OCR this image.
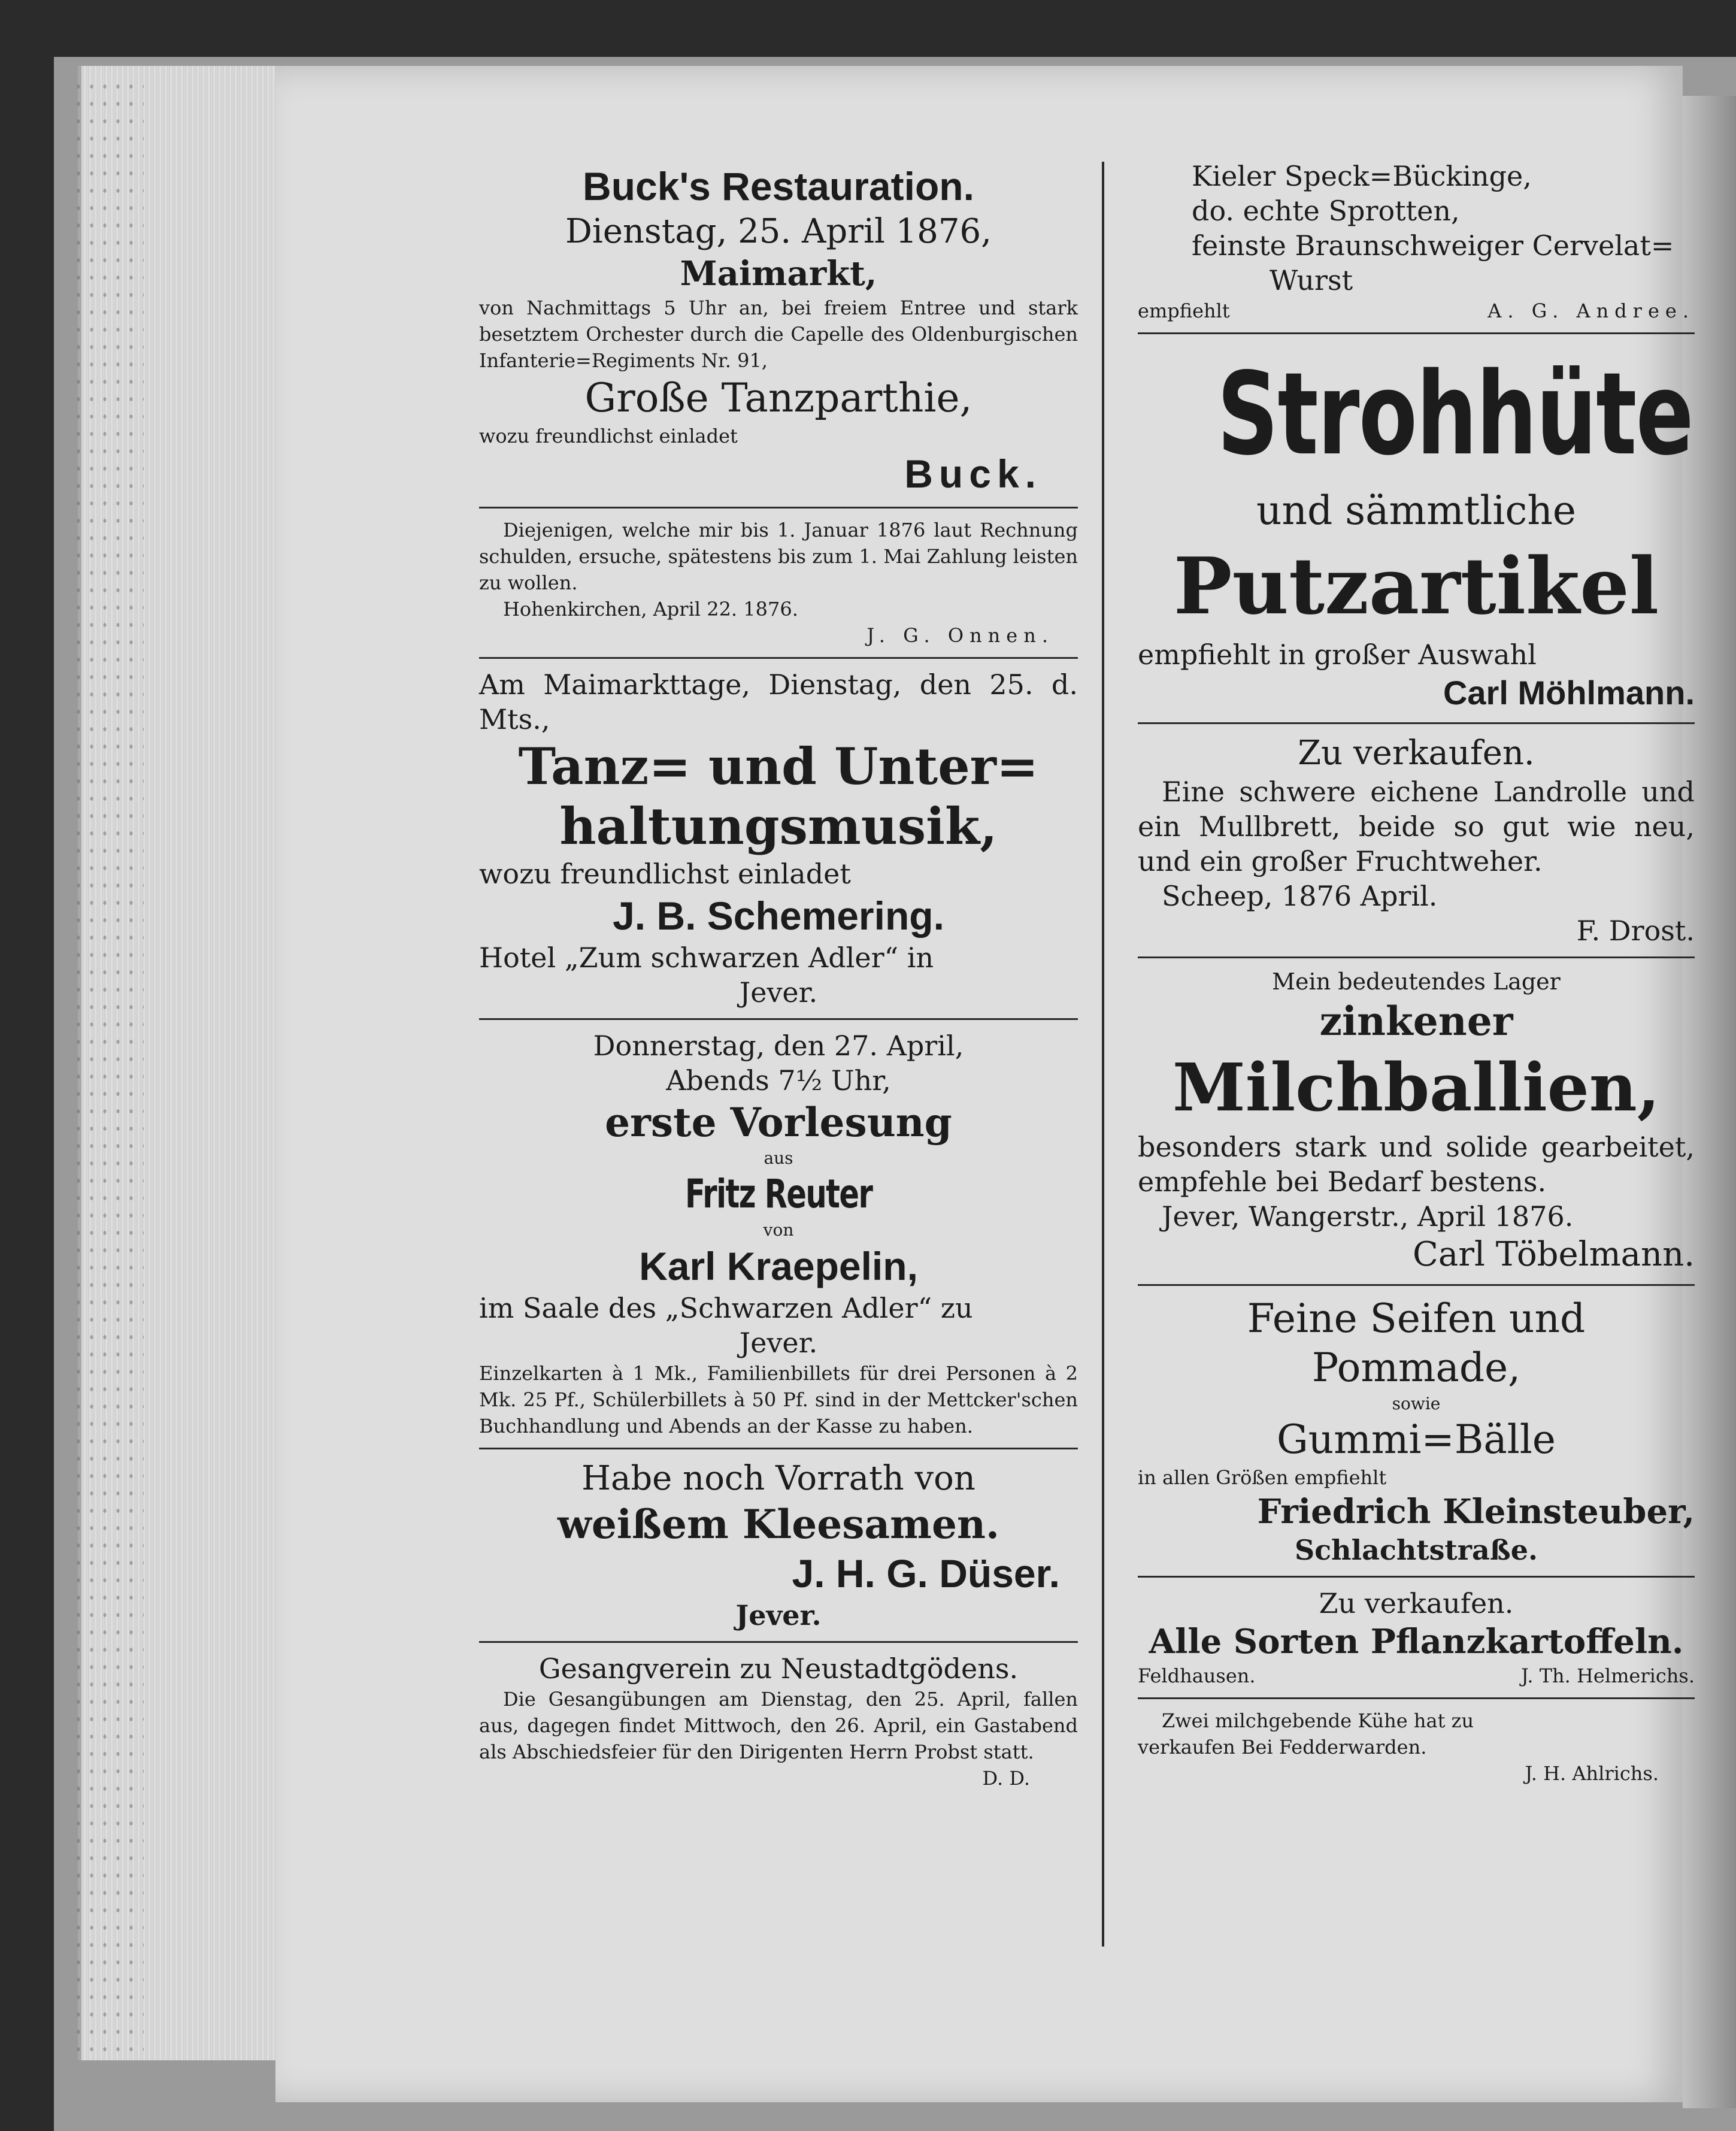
Buck's Restauration.
Dienstag, 25. April 1876,
Maimarkt,
von Nachmittags 5 Uhr an, bei freiem Entree und stark besetztem Orchester durch die Capelle des Oldenburgischen Infanterie=Regiments Nr. 91,
Große Tanzparthie,
wozu freundlichst einladet
Buck.
Diejenigen, welche mir bis 1. Januar 1876 laut Rechnung schulden, ersuche, spätestens bis zum 1. Mai Zahlung leisten zu wollen.
Hohenkirchen, April 22. 1876.
J. G. Onnen.
Am Maimarkttage, Dienstag, den 25. d. Mts.,
Tanz= und Unter=
haltungsmusik,
wozu freundlichst einladet
J. B. Schemering.
Hotel „Zum schwarzen Adler“ in
Jever.
Donnerstag, den 27. April,
Abends 7½ Uhr,
erste Vorlesung
aus
Fritz Reuter
von
Karl Kraepelin,
im Saale des „Schwarzen Adler“ zu
Jever.
Einzelkarten à 1 Mk., Familienbillets für drei Personen à 2 Mk. 25 Pf., Schülerbillets à 50 Pf. sind in der Mettcker'schen Buchhandlung und Abends an der Kasse zu haben.
Habe noch Vorrath von
weißem Kleesamen.
J. H. G. Düser.
Jever.
Gesangverein zu Neustadtgödens.
Die Gesangübungen am Dienstag, den 25. April, fallen aus, dagegen findet Mittwoch, den 26. April, ein Gastabend als Abschiedsfeier für den Dirigenten Herrn Probst statt.
D. D.
Kieler Speck=Bückinge,
do. echte Sprotten,
feinste Braunschweiger Cervelat=
Wurst
empfiehlt	A. G. Andree.
Strohhüte
und sämmtliche
Putzartikel
empfiehlt in großer Auswahl
Carl Möhlmann.
Zu verkaufen.
Eine schwere eichene Landrolle und ein Mullbrett, beide so gut wie neu, und ein großer Fruchtweher.
Scheep, 1876 April.
F. Drost.
Mein bedeutendes Lager
zinkener
Milchballien,
besonders stark und solide gearbeitet, empfehle bei Bedarf bestens.
Jever, Wangerstr., April 1876.
Carl Töbelmann.
Feine Seifen und Pommade,
sowie
Gummi=Bälle
in allen Größen empfiehlt
Friedrich Kleinsteuber,
Schlachtstraße.
Zu verkaufen.
Alle Sorten Pflanzkartoffeln.
Feldhausen.	J. Th. Helmerichs.
Zwei milchgebende Kühe hat zu verkaufen Bei Fedderwarden.
J. H. Ahlrichs.
